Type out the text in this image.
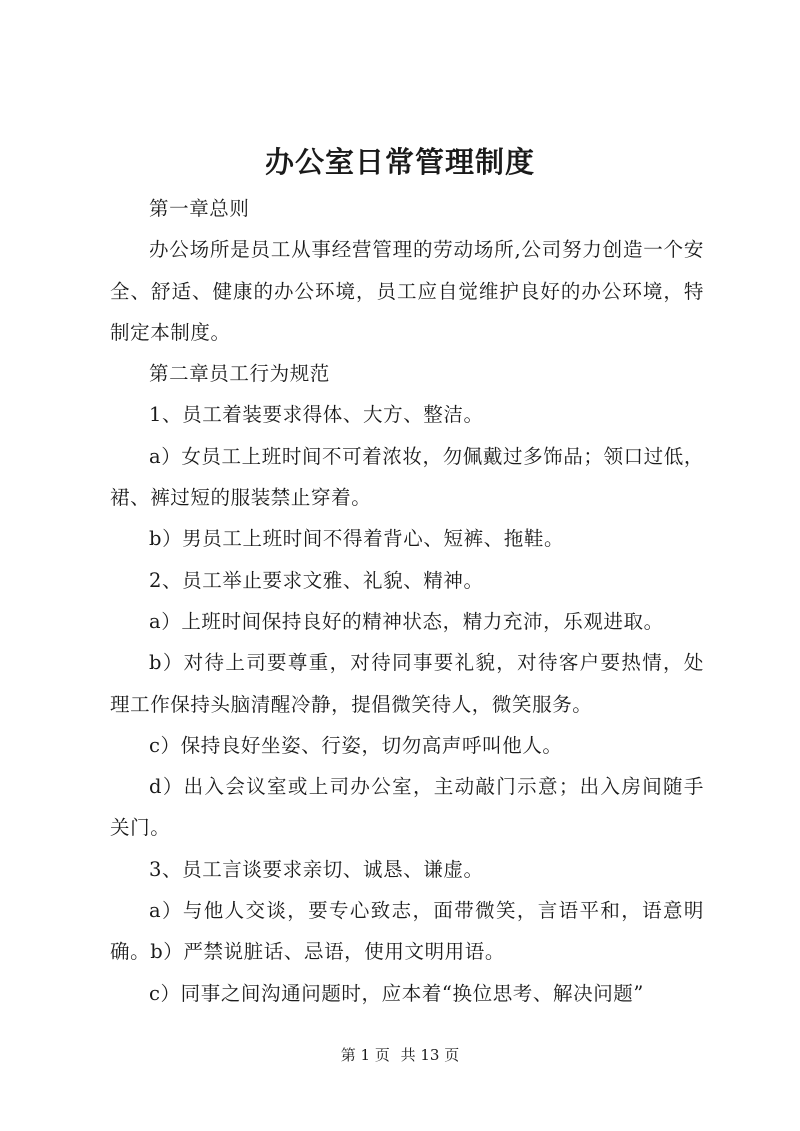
办公室日常管理制度

第一章总则

办公场所是员工从事经营管理的劳动场所,公司努力创造一个安全、舒适、健康的办公环境，员工应自觉维护良好的办公环境，特制定本制度。

第二章员工行为规范

1、员工着装要求得体、大方、整洁。

a）女员工上班时间不可着浓妆，勿佩戴过多饰品；领口过低，裙、裤过短的服装禁止穿着。

b）男员工上班时间不得着背心、短裤、拖鞋。

2、员工举止要求文雅、礼貌、精神。

a）上班时间保持良好的精神状态，精力充沛，乐观进取。

b）对待上司要尊重，对待同事要礼貌，对待客户要热情，处理工作保持头脑清醒冷静，提倡微笑待人，微笑服务。

c）保持良好坐姿、行姿，切勿高声呼叫他人。

d）出入会议室或上司办公室，主动敲门示意；出入房间随手关门。

3、员工言谈要求亲切、诚恳、谦虚。

a）与他人交谈，要专心致志，面带微笑，言语平和，语意明确。b）严禁说脏话、忌语，使用文明用语。

c）同事之间沟通问题时，应本着“换位思考、解决问题”

第 1 页 共 13 页
